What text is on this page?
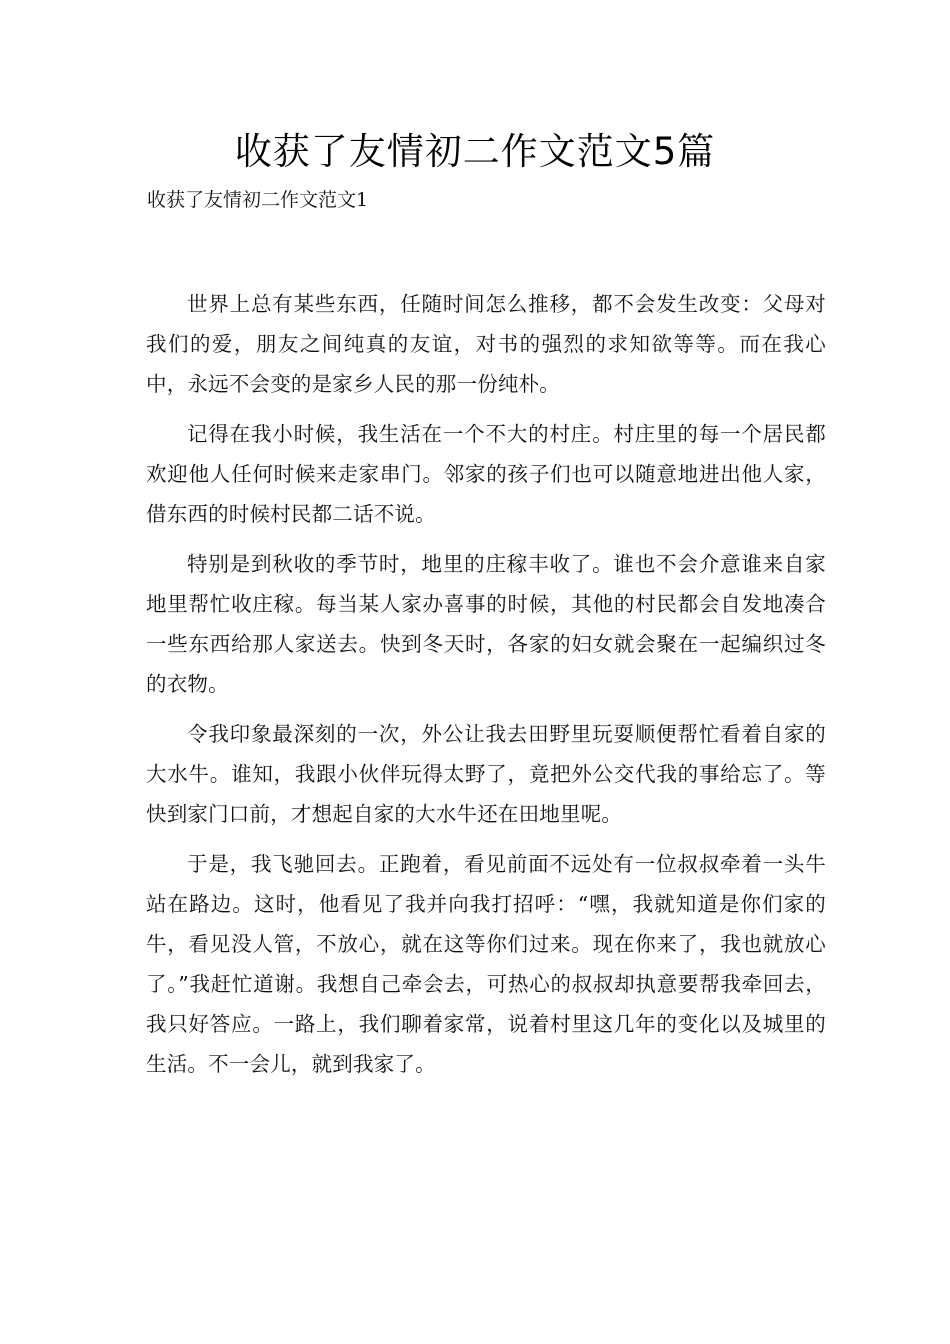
收获了友情初二作文范文5篇
收获了友情初二作文范文1

世界上总有某些东西，任随时间怎么推移，都不会发生改变：父母对我们的爱，朋友之间纯真的友谊，对书的强烈的求知欲等等。而在我心中，永远不会变的是家乡人民的那一份纯朴。

记得在我小时候，我生活在一个不大的村庄。村庄里的每一个居民都欢迎他人任何时候来走家串门。邻家的孩子们也可以随意地进出他人家，借东西的时候村民都二话不说。

特别是到秋收的季节时，地里的庄稼丰收了。谁也不会介意谁来自家地里帮忙收庄稼。每当某人家办喜事的时候，其他的村民都会自发地凑合一些东西给那人家送去。快到冬天时，各家的妇女就会聚在一起编织过冬的衣物。

令我印象最深刻的一次，外公让我去田野里玩耍顺便帮忙看着自家的大水牛。谁知，我跟小伙伴玩得太野了，竟把外公交代我的事给忘了。等快到家门口前，才想起自家的大水牛还在田地里呢。

于是，我飞驰回去。正跑着，看见前面不远处有一位叔叔牵着一头牛站在路边。这时，他看见了我并向我打招呼：“嘿，我就知道是你们家的牛，看见没人管，不放心，就在这等你们过来。现在你来了，我也就放心了。”我赶忙道谢。我想自己牵会去，可热心的叔叔却执意要帮我牵回去，我只好答应。一路上，我们聊着家常，说着村里这几年的变化以及城里的生活。不一会儿，就到我家了。
